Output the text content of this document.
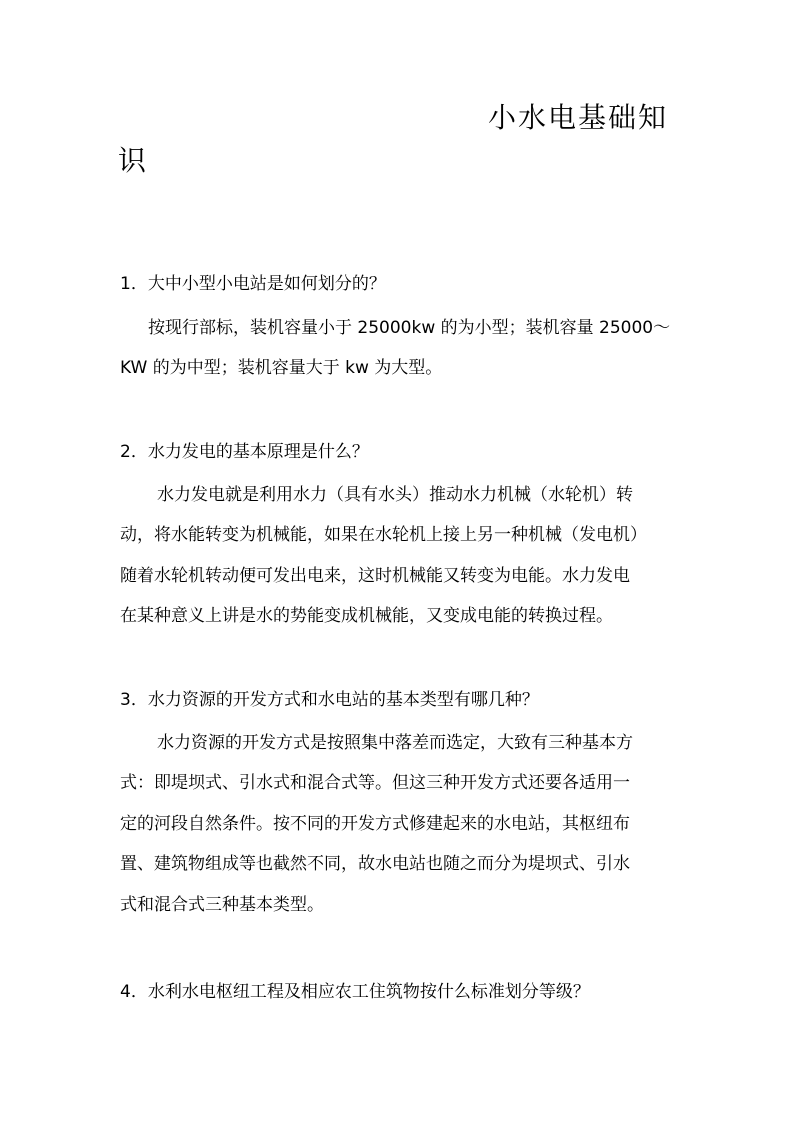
小水电基础知
识
1．大中小型小电站是如何划分的？
按现行部标，装机容量小于 25000kw 的为小型；装机容量 25000～
KW 的为中型；装机容量大于 kw 为大型。
2．水力发电的基本原理是什么？
水力发电就是利用水力（具有水头）推动水力机械（水轮机）转
动，将水能转变为机械能，如果在水轮机上接上另一种机械（发电机）
随着水轮机转动便可发出电来，这时机械能又转变为电能。水力发电
在某种意义上讲是水的势能变成机械能，又变成电能的转换过程。
3．水力资源的开发方式和水电站的基本类型有哪几种？
水力资源的开发方式是按照集中落差而选定，大致有三种基本方
式：即堤坝式、引水式和混合式等。但这三种开发方式还要各适用一
定的河段自然条件。按不同的开发方式修建起来的水电站，其枢纽布
置、建筑物组成等也截然不同，故水电站也随之而分为堤坝式、引水
式和混合式三种基本类型。
4．水利水电枢纽工程及相应农工住筑物按什么标准划分等级？
